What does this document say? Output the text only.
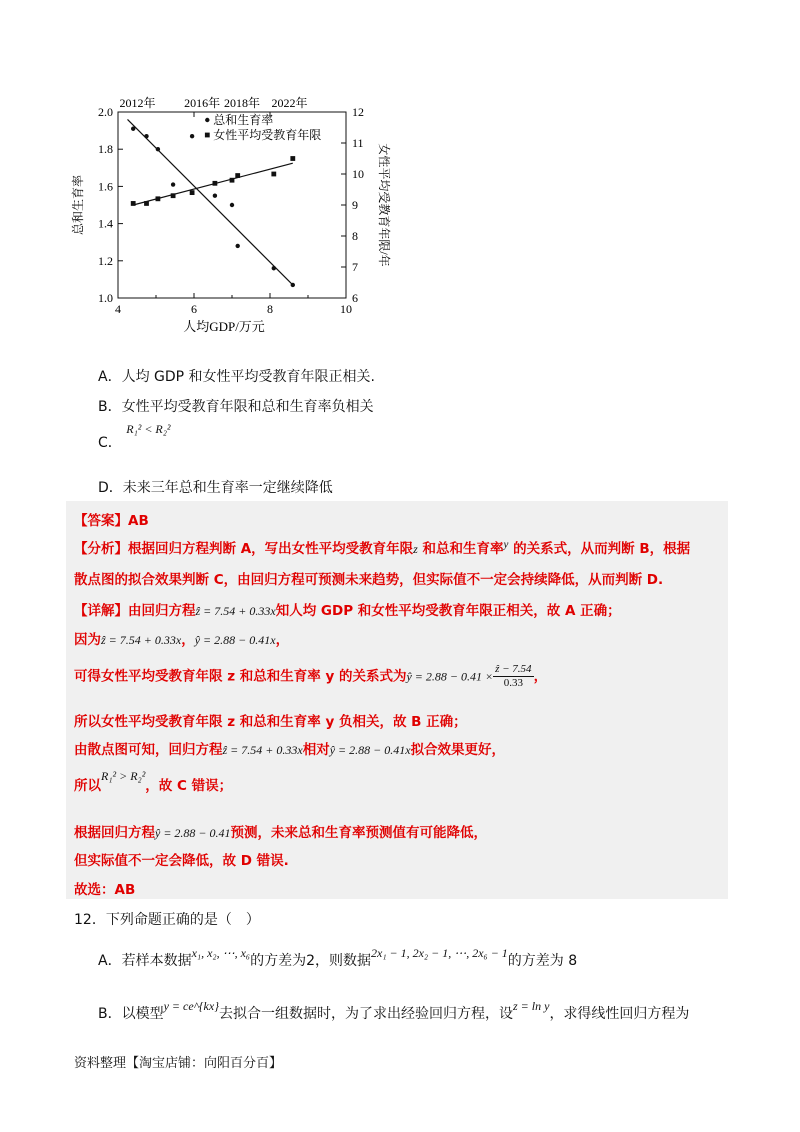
4	6	8	10
1.0
1.2
1.4
1.6
1.8
2.0
6
7
8
9
10
11
12
2012年 2016年 2018年 2022年
人均GDP/万元
总和生育率	女性平均受教育年限/年
总和生育率
女性平均受教育年限
A．人均 GDP 和女性平均受教育年限正相关.
B．女性平均受教育年限和总和生育率负相关
C． R₁² < R₂²
D．未来三年总和生育率一定继续降低
【答案】AB
【分析】根据回归方程判断 A，写出女性平均受教育年限z 和总和生育率$^y$ 的关系式，从而判断 B，根据
散点图的拟合效果判断 C，由回归方程可预测未来趋势，但实际值不一定会持续降低，从而判断 D.
【详解】由回归方程ẑ = 7.54 + 0.33x知人均 GDP 和女性平均受教育年限正相关，故 A 正确；
因为ẑ = 7.54 + 0.33x，ŷ = 2.88 − 0.41x，
可得女性平均受教育年限 z 和总和生育率 y 的关系式为ŷ = $2.88 - 0.41 \times \frac{\text{ẑ − 7.54}}{0.33}$ ，
所以女性平均受教育年限 z 和总和生育率 y 负相关，故 B 正确；
由散点图可知，回归方程ẑ = 7.54 + 0.33x相对ŷ = 2.88 − 0.41x拟合效果更好，
所以R₁² > R₂²，故 C 错误；
根据回归方程ŷ = 2.88 − 0.41预测，未来总和生育率预测值有可能降低，
但实际值不一定会降低，故 D 错误.
故选：AB
12．下列命题正确的是（　）
A．若样本数据x₁, x₂, ⋯, x₆的方差为2，则数据2x₁ − 1, 2x₂ − 1, ⋯, 2x₆ − 1的方差为 8
B．以模型y = ce^{kx}去拟合一组数据时，为了求出经验回归方程，设z = ln y，求得线性回归方程为
资料整理【淘宝店铺：向阳百分百】
